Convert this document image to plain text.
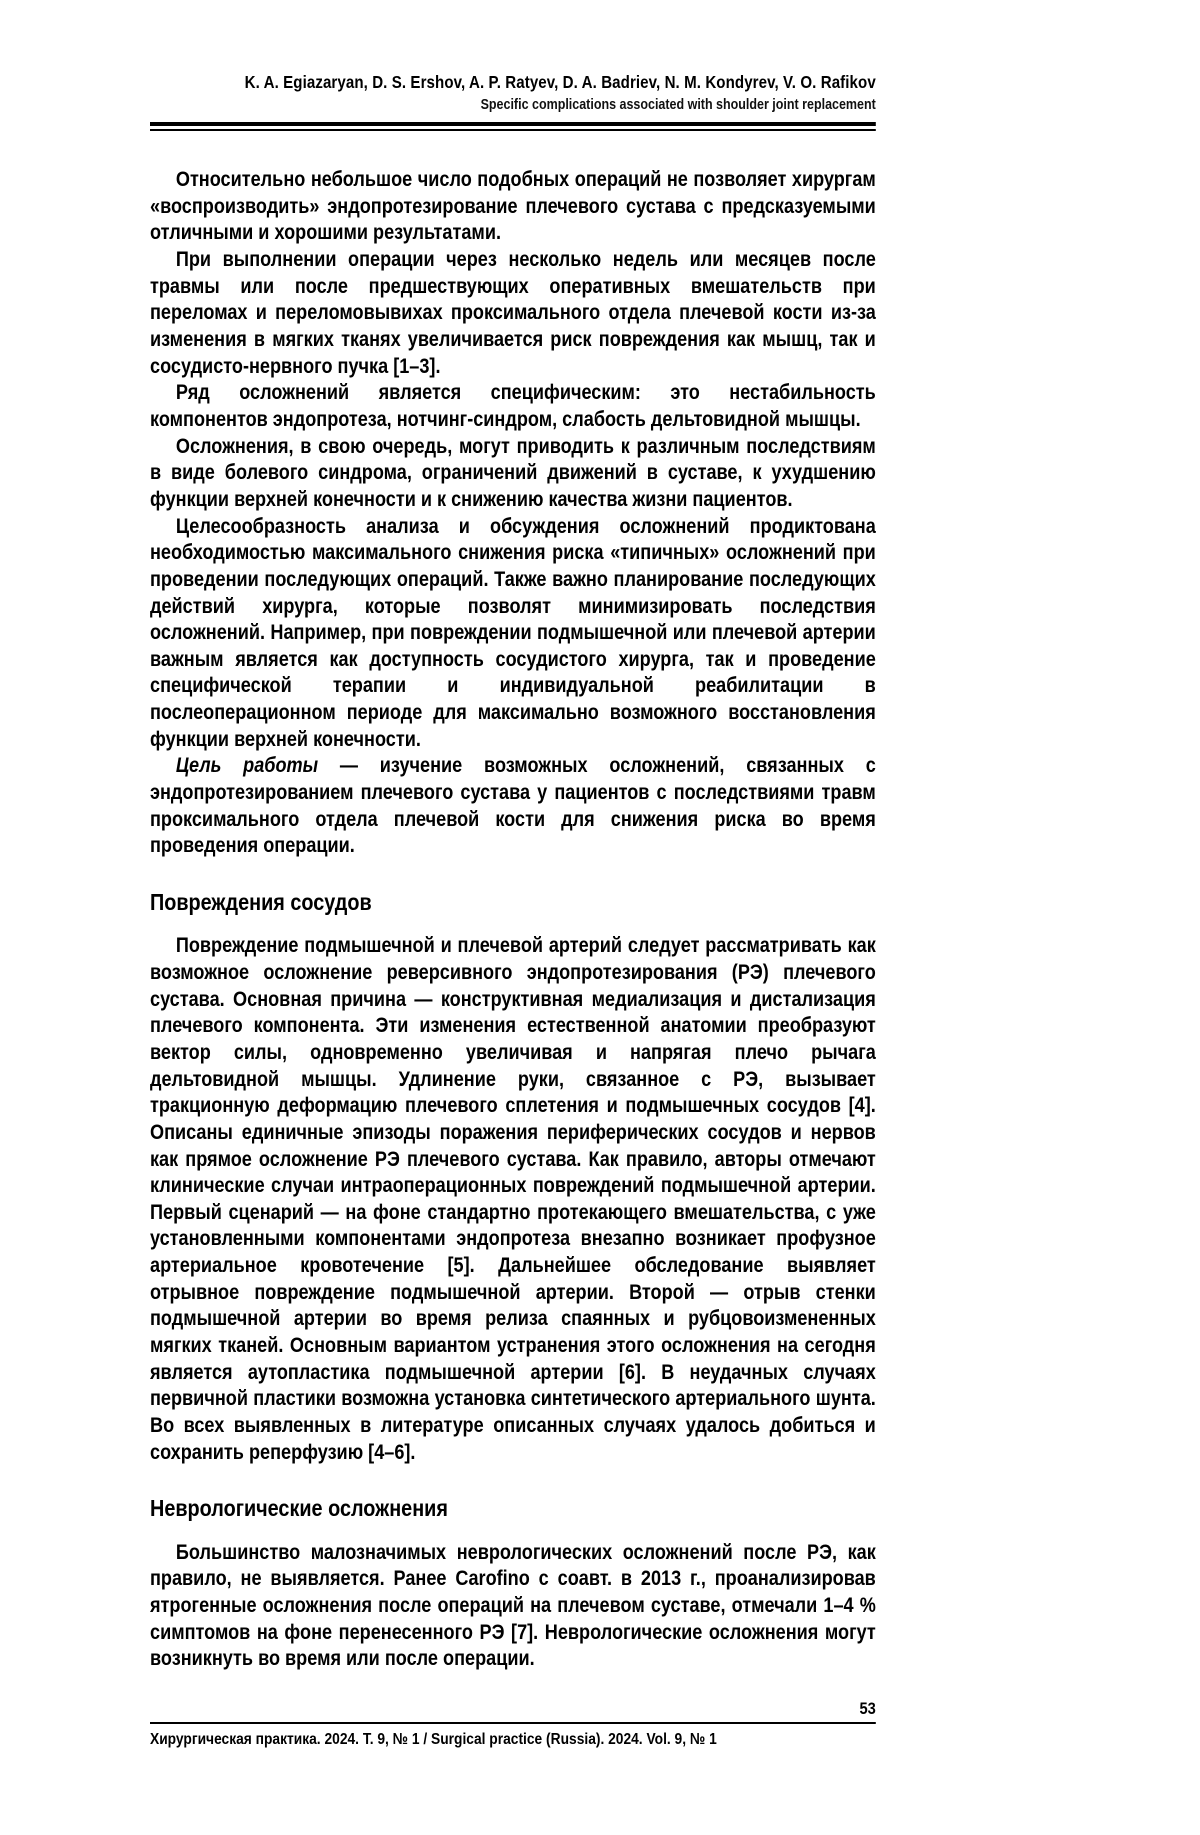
K. A. Egiazaryan, D. S. Ershov, A. P. Ratyev, D. A. Badriev, N. M. Kondyrev, V. O. Rafikov
Specific complications associated with shoulder joint replacement

Относительно небольшое число подобных операций не позволяет хирургам «воспроизводить» эндопротезирование плечевого сустава с предсказуемыми отличными и хорошими результатами.

При выполнении операции через несколько недель или месяцев после травмы или после предшествующих оперативных вмешательств при переломах и переломовывихах проксимального отдела плечевой кости из-за изменения в мягких тканях увеличивается риск повреждения как мышц, так и сосудисто-нервного пучка [1–3].

Ряд осложнений является специфическим: это нестабильность компонентов эндопротеза, нотчинг-синдром, слабость дельтовидной мышцы.

Осложнения, в свою очередь, могут приводить к различным последствиям в виде болевого синдрома, ограничений движений в суставе, к ухудшению функции верхней конечности и к снижению качества жизни пациентов.

Целесообразность анализа и обсуждения осложнений продиктована необходимостью максимального снижения риска «типичных» осложнений при проведении последующих операций. Также важно планирование последующих действий хирурга, которые позволят минимизировать последствия осложнений. Например, при повреждении подмышечной или плечевой артерии важным является как доступность сосудистого хирурга, так и проведение специфической терапии и индивидуальной реабилитации в послеоперационном периоде для максимально возможного восстановления функции верхней конечности.

Цель работы — изучение возможных осложнений, связанных с эндопротезированием плечевого сустава у пациентов с последствиями травм проксимального отдела плечевой кости для снижения риска во время проведения операции.

Повреждения сосудов

Повреждение подмышечной и плечевой артерий следует рассматривать как возможное осложнение реверсивного эндопротезирования (РЭ) плечевого сустава. Основная причина — конструктивная медиализация и дистализация плечевого компонента. Эти изменения естественной анатомии преобразуют вектор силы, одновременно увеличивая и напрягая плечо рычага дельтовидной мышцы. Удлинение руки, связанное с РЭ, вызывает тракционную деформацию плечевого сплетения и подмышечных сосудов [4]. Описаны единичные эпизоды поражения периферических сосудов и нервов как прямое осложнение РЭ плечевого сустава. Как правило, авторы отмечают клинические случаи интраоперационных повреждений подмышечной артерии. Первый сценарий — на фоне стандартно протекающего вмешательства, с уже установленными компонентами эндопротеза внезапно возникает профузное артериальное кровотечение [5]. Дальнейшее обследование выявляет отрывное повреждение подмышечной артерии. Второй — отрыв стенки подмышечной артерии во время релиза спаянных и рубцовоизмененных мягких тканей. Основным вариантом устранения этого осложнения на сегодня является аутопластика подмышечной артерии [6]. В неудачных случаях первичной пластики возможна установка синтетического артериального шунта. Во всех выявленных в литературе описанных случаях удалось добиться и сохранить реперфузию [4–6].

Неврологические осложнения

Большинство малозначимых неврологических осложнений после РЭ, как правило, не выявляется. Ранее Carofino с соавт. в 2013 г., проанализировав ятрогенные осложнения после операций на плечевом суставе, отмечали 1–4 % симптомов на фоне перенесенного РЭ [7]. Неврологические осложнения могут возникнуть во время или после операции.

53
Хирургическая практика. 2024. Т. 9, № 1 / Surgical practice (Russia). 2024. Vol. 9, № 1
